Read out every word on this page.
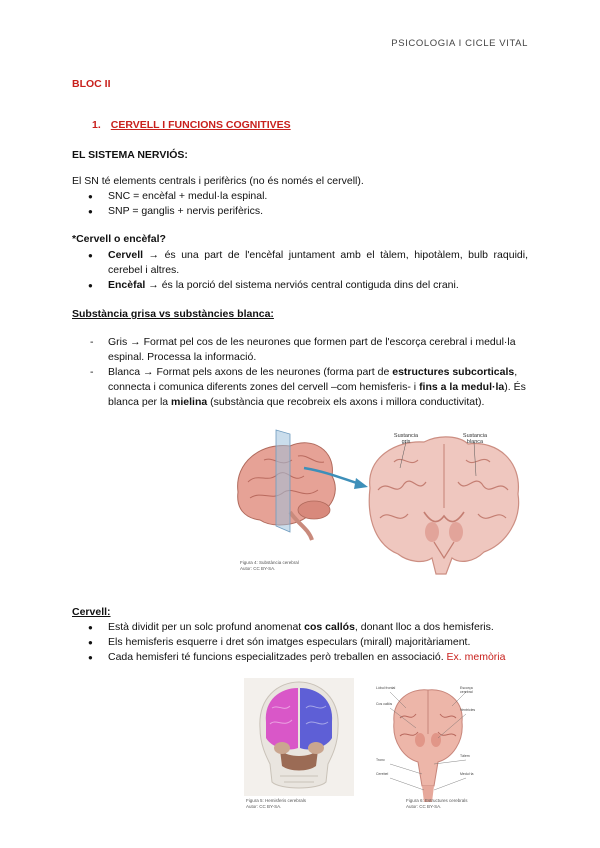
PSICOLOGIA I CICLE VITAL
BLOC II
1. CERVELL I FUNCIONS COGNITIVES
EL SISTEMA NERVIÓS:
El SN té elements centrals i perifèrics (no és només el cervell).
● SNC = encèfal + medul·la espinal.
● SNP = ganglis + nervis perifèrics.
*Cervell o encèfal?
● Cervell → és una part de l'encèfal juntament amb el tàlem, hipotàlem, bulb raquidi, cerebel i altres.
● Encèfal → és la porció del sistema nerviós central contiguda dins del crani.
Substància grisa vs substàncies blanca:
- Gris → Format pel cos de les neurones que formen part de l'escorça cerebral i medul·la espinal. Processa la informació.
- Blanca → Format pels axons de les neurones (forma part de estructures subcorticals, connecta i comunica diferents zones del cervell –com hemisferis- i fins a la medul·la). És blanca per la mielina (substància que recobreix els axons i millora conductivitat).
Sustancia gris
Sustancia blanca
Figura 4: Substància cerebral Autor: CC BY-SA.
Cervell:
● Està dividit per un solc profund anomenat cos callós, donant lloc a dos hemisferis.
● Els hemisferis esquerre i dret són imatges especulars (mirall) majoritàriament.
● Cada hemisferi té funcions especialitzades però treballen en associació. Ex. memòria
Figura 5: Hemisferis cerebrals Autor: CC BY-SA.
Lòbul frontal
Cos callós
Tronc
Cerebel
Escorça cerebral
Ventricles
Tàlem
Medul·la
Figura 6: Estructures cerebrals Autor: CC BY-SA.
